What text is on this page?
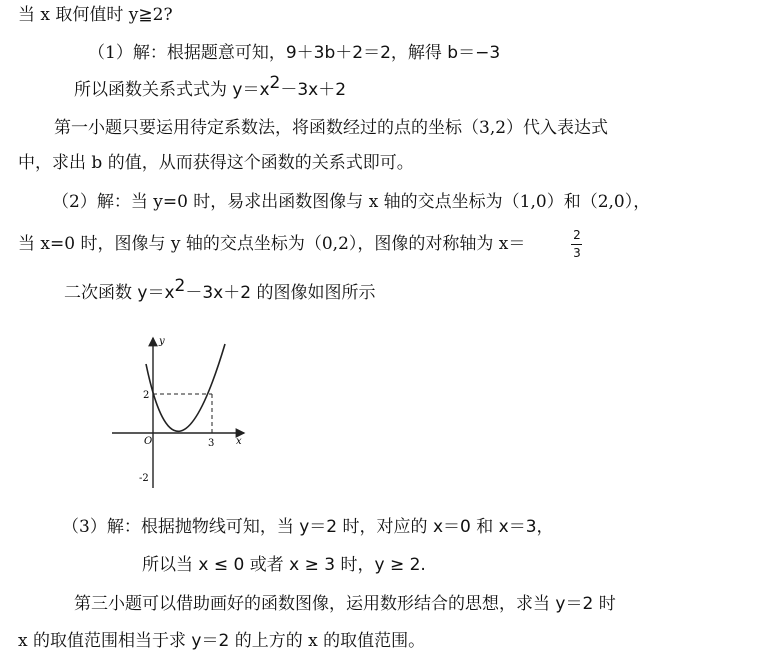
当 x 取何值时 y≧2?
（1）解：根据题意可知，9＋3b＋2＝2，解得 b＝−3
所以函数关系式式为 $y=x^2-3x+2$
第一小题只要运用待定系数法，将函数经过的点的坐标（3,2）代入表达式
中，求出 b 的值，从而获得这个函数的关系式即可。
（2）解：当 y=0 时，易求出函数图像与 x 轴的交点坐标为（1,0）和（2,0），
当 x=0 时，图像与 y 轴的交点坐标为（0,2），图像的对称轴为 x＝	2
3
二次函数 $y=x^2-3x+2$ 的图像如图所示
y
x
O
2
-2
3
（3）解：根据抛物线可知，当 y＝2 时，对应的 x＝0 和 x＝3，
所以当 x ≤ 0 或者 x ≥ 3 时，y ≥ 2.
第三小题可以借助画好的函数图像，运用数形结合的思想，求当 y＝2 时
x 的取值范围相当于求 y＝2 的上方的 x 的取值范围。
